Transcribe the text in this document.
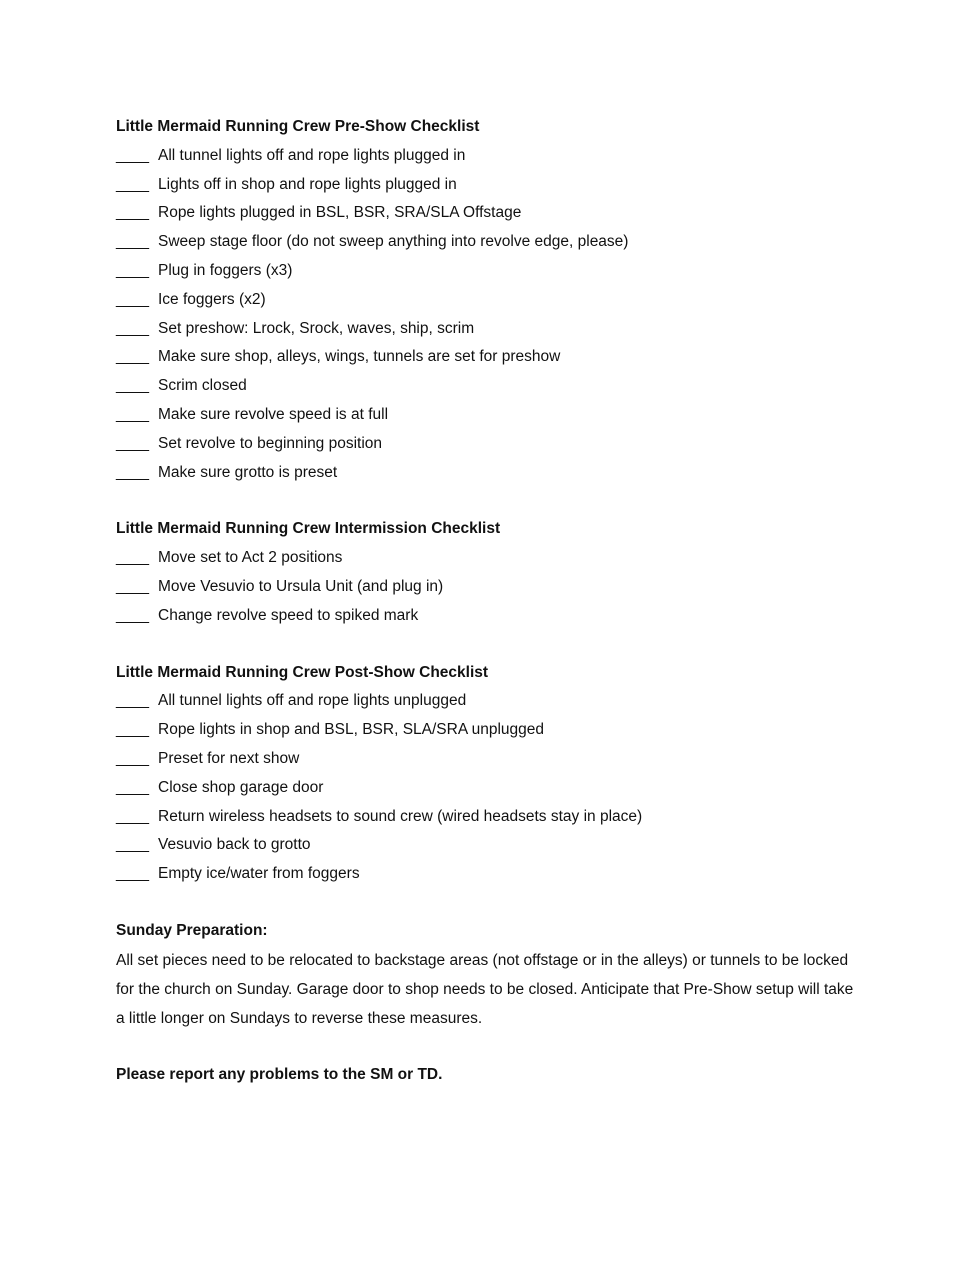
Little Mermaid Running Crew Pre-Show Checklist

____ All tunnel lights off and rope lights plugged in
____ Lights off in shop and rope lights plugged in
____ Rope lights plugged in BSL, BSR, SRA/SLA Offstage
____ Sweep stage floor (do not sweep anything into revolve edge, please)
____ Plug in foggers (x3)
____ Ice foggers (x2)
____ Set preshow: Lrock, Srock, waves, ship, scrim
____ Make sure shop, alleys, wings, tunnels are set for preshow
____ Scrim closed
____ Make sure revolve speed is at full
____ Set revolve to beginning position
____ Make sure grotto is preset

Little Mermaid Running Crew Intermission Checklist

____ Move set to Act 2 positions
____ Move Vesuvio to Ursula Unit (and plug in)
____ Change revolve speed to spiked mark

Little Mermaid Running Crew Post-Show Checklist

____ All tunnel lights off and rope lights unplugged
____ Rope lights in shop and BSL, BSR, SLA/SRA unplugged
____ Preset for next show
____ Close shop garage door
____ Return wireless headsets to sound crew (wired headsets stay in place)
____ Vesuvio back to grotto
____ Empty ice/water from foggers

Sunday Preparation:

All set pieces need to be relocated to backstage areas (not offstage or in the alleys) or tunnels to be locked for the church on Sunday. Garage door to shop needs to be closed. Anticipate that Pre-Show setup will take a little longer on Sundays to reverse these measures.

Please report any problems to the SM or TD.
